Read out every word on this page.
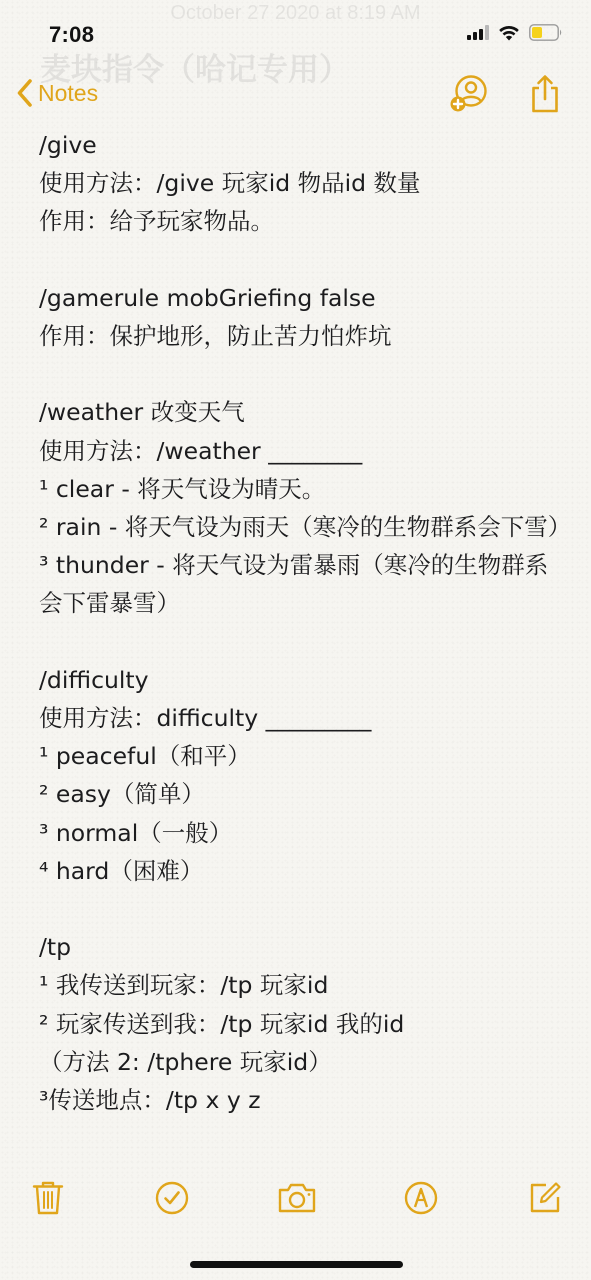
October 27 2020 at 8:19 AM
麦块指令（哈记专用）
7:08
Notes
/give
使用方法：/give 玩家id 物品id 数量
作用：给予玩家物品。

/gamerule mobGriefing false
作用：保护地形，防止苦力怕炸坑

/weather 改变天气
使用方法：/weather ________
¹ clear - 将天气设为晴天。
² rain - 将天气设为雨天（寒冷的生物群系会下雪）
³ thunder - 将天气设为雷暴雨（寒冷的生物群系会下雷暴雪）

/difficulty
使用方法：difficulty _________
¹ peaceful（和平）
² easy（简单）
³ normal（一般）
⁴ hard（困难）

/tp
¹ 我传送到玩家：/tp 玩家id
² 玩家传送到我：/tp 玩家id 我的id
（方法 2: /tphere 玩家id）
³传送地点：/tp x y z
